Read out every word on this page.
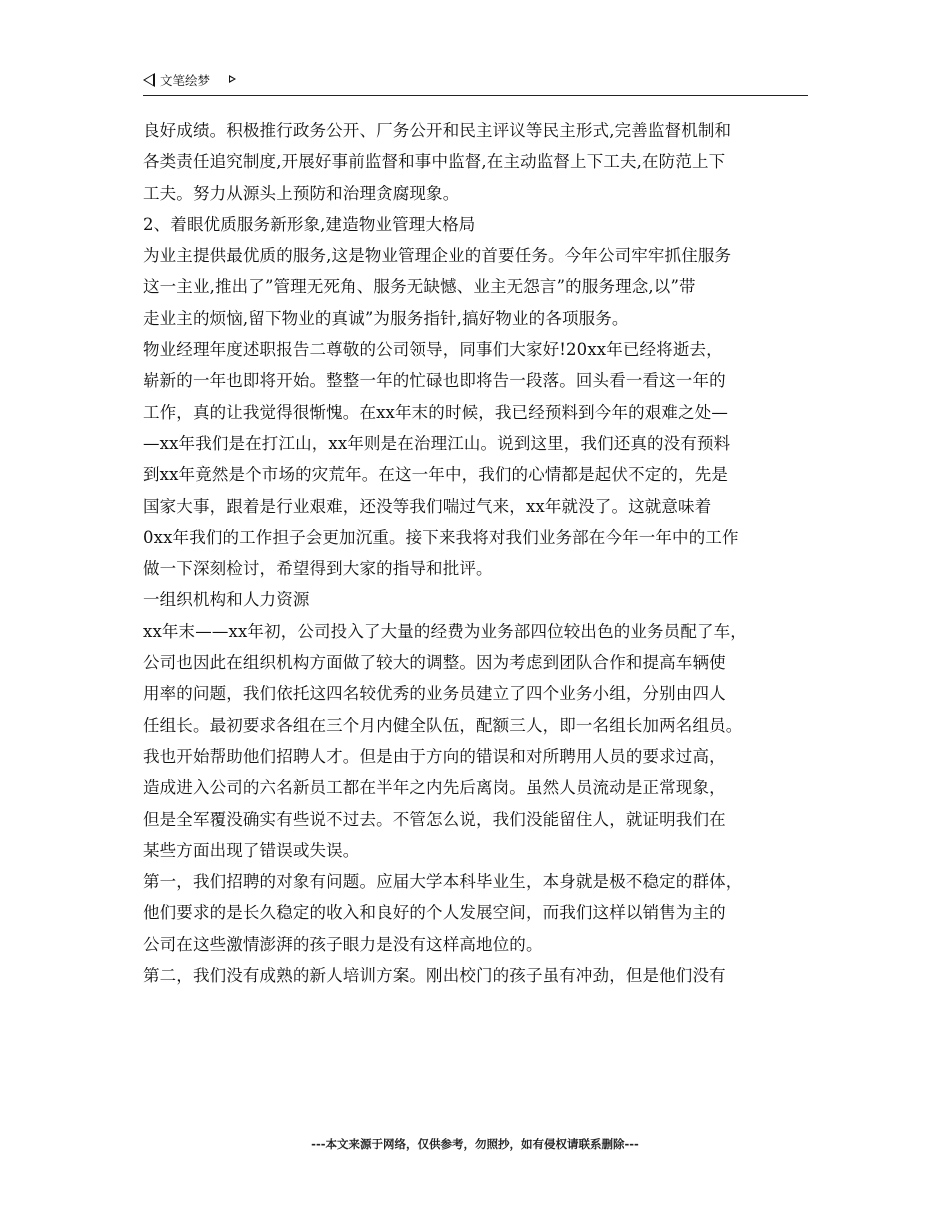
文笔绘梦
良好成绩。积极推行政务公开、厂务公开和民主评议等民主形式,完善监督机制和
各类责任追究制度,开展好事前监督和事中监督,在主动监督上下工夫,在防范上下
工夫。努力从源头上预防和治理贪腐现象。
2、着眼优质服务新形象,建造物业管理大格局
为业主提供最优质的服务,这是物业管理企业的首要任务。今年公司牢牢抓住服务
这一主业,推出了”管理无死角、服务无缺憾、业主无怨言”的服务理念,以”带
走业主的烦恼,留下物业的真诚”为服务指针,搞好物业的各项服务。
物业经理年度述职报告二尊敬的公司领导，同事们大家好!20xx年已经将逝去，
崭新的一年也即将开始。整整一年的忙碌也即将告一段落。回头看一看这一年的
工作，真的让我觉得很惭愧。在xx年末的时候，我已经预料到今年的艰难之处—
—xx年我们是在打江山，xx年则是在治理江山。说到这里，我们还真的没有预料
到xx年竟然是个市场的灾荒年。在这一年中，我们的心情都是起伏不定的，先是
国家大事，跟着是行业艰难，还没等我们喘过气来，xx年就没了。这就意味着
0xx年我们的工作担子会更加沉重。接下来我将对我们业务部在今年一年中的工作
做一下深刻检讨，希望得到大家的指导和批评。
一组织机构和人力资源
xx年末——xx年初，公司投入了大量的经费为业务部四位较出色的业务员配了车，
公司也因此在组织机构方面做了较大的调整。因为考虑到团队合作和提高车辆使
用率的问题，我们依托这四名较优秀的业务员建立了四个业务小组，分别由四人
任组长。最初要求各组在三个月内健全队伍，配额三人，即一名组长加两名组员。
我也开始帮助他们招聘人才。但是由于方向的错误和对所聘用人员的要求过高，
造成进入公司的六名新员工都在半年之内先后离岗。虽然人员流动是正常现象，
但是全军覆没确实有些说不过去。不管怎么说，我们没能留住人，就证明我们在
某些方面出现了错误或失误。
第一，我们招聘的对象有问题。应届大学本科毕业生，本身就是极不稳定的群体，
他们要求的是长久稳定的收入和良好的个人发展空间，而我们这样以销售为主的
公司在这些激情澎湃的孩子眼力是没有这样高地位的。
第二，我们没有成熟的新人培训方案。刚出校门的孩子虽有冲劲，但是他们没有
---本文来源于网络，仅供参考，勿照抄，如有侵权请联系删除---
